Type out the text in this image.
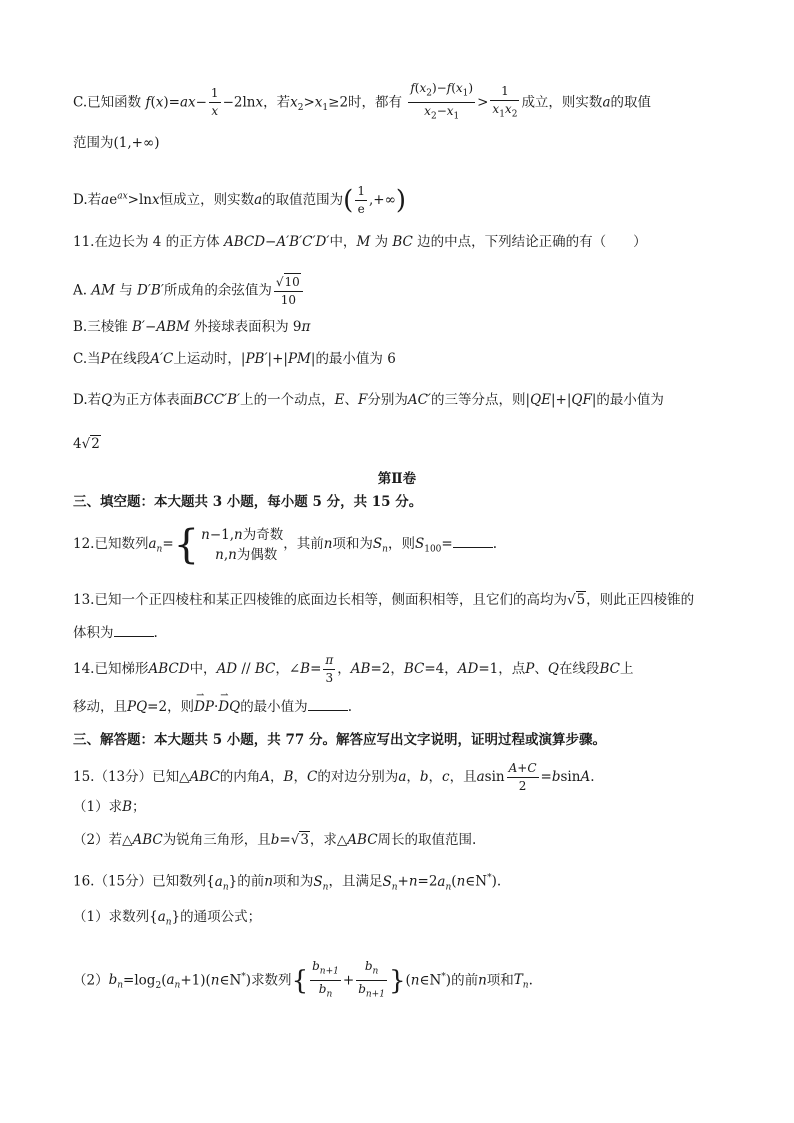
C.已知函数 $f(x)=ax- \frac{1}{x} -2\ln x$，若$x_2>x_1\ge 2$时，都有 $\frac{f(x_2)-f(x_1)}{x_2-x_1} > \frac{1}{x_1x_2}$ 成立，则实数a的取值
范围为(1,+∞)
D.若$ae^{ax}>\ln x$恒成立，则实数a的取值范围为( $\frac{1}{e}$ ,+∞)
11.在边长为 4 的正方体 ABCD−A′B′C′D′中，M 为 BC 边的中点，下列结论正确的有（　　）
A. AM 与 D′B′所成角的余弦值为 $\frac{√10}{10}$
B.三棱锥 B′−ABM 外接球表面积为 9π
C.当P在线段A′C上运动时，|PB′|+|PM|的最小值为 6
D.若Q为正方体表面BCC′B′上的一个动点，E、F分别为AC′的三等分点，则|QE|+|QF|的最小值为
4√2
第Ⅱ卷
三、填空题：本大题共 3 小题，每小题 5 分，共 15 分。
12.已知数列$a_n=${ n−1,n为奇数
n,n为偶数
，其前n项和为$S_n$，则$S_{100}=$	.
13.已知一个正四棱柱和某正四棱锥的底面边长相等，侧面积相等，且它们的高均为√5，则此正四棱锥的
体积为	.
14.已知梯形ABCD中，AD // BC，∠B= $\frac{\pi}{3}$ ，AB=2，BC=4，AD=1，点P、Q在线段BC上
移动，且PQ=2，则⇀ DP·⇀ DQ的最小值为	.
三、解答题：本大题共 5 小题，共 77 分。解答应写出文字说明，证明过程或演算步骤。
15.（13分）已知△ABC的内角A，B，C的对边分别为a，b，c，且asin $\frac{A+C}{2} =bsinA$.
（1）求B；
（2）若△ABC为锐角三角形，且b=√3，求△ABC周长的取值范围.
16.（15分）已知数列$\{a_n\}$的前n项和为$S_n$，且满足$S_n+n=2a_n(n\in N^*)$.
（1）求数列$\{a_n\}$的通项公式；
$(2)b_n=\log_2(a_n+1)(n\in N^*)$求数列{ $\frac{b_{n+1}}{b_n} + \frac{b_n}{b_{n+1}}$ }(n∈N*)的前n项和$T_n$.
